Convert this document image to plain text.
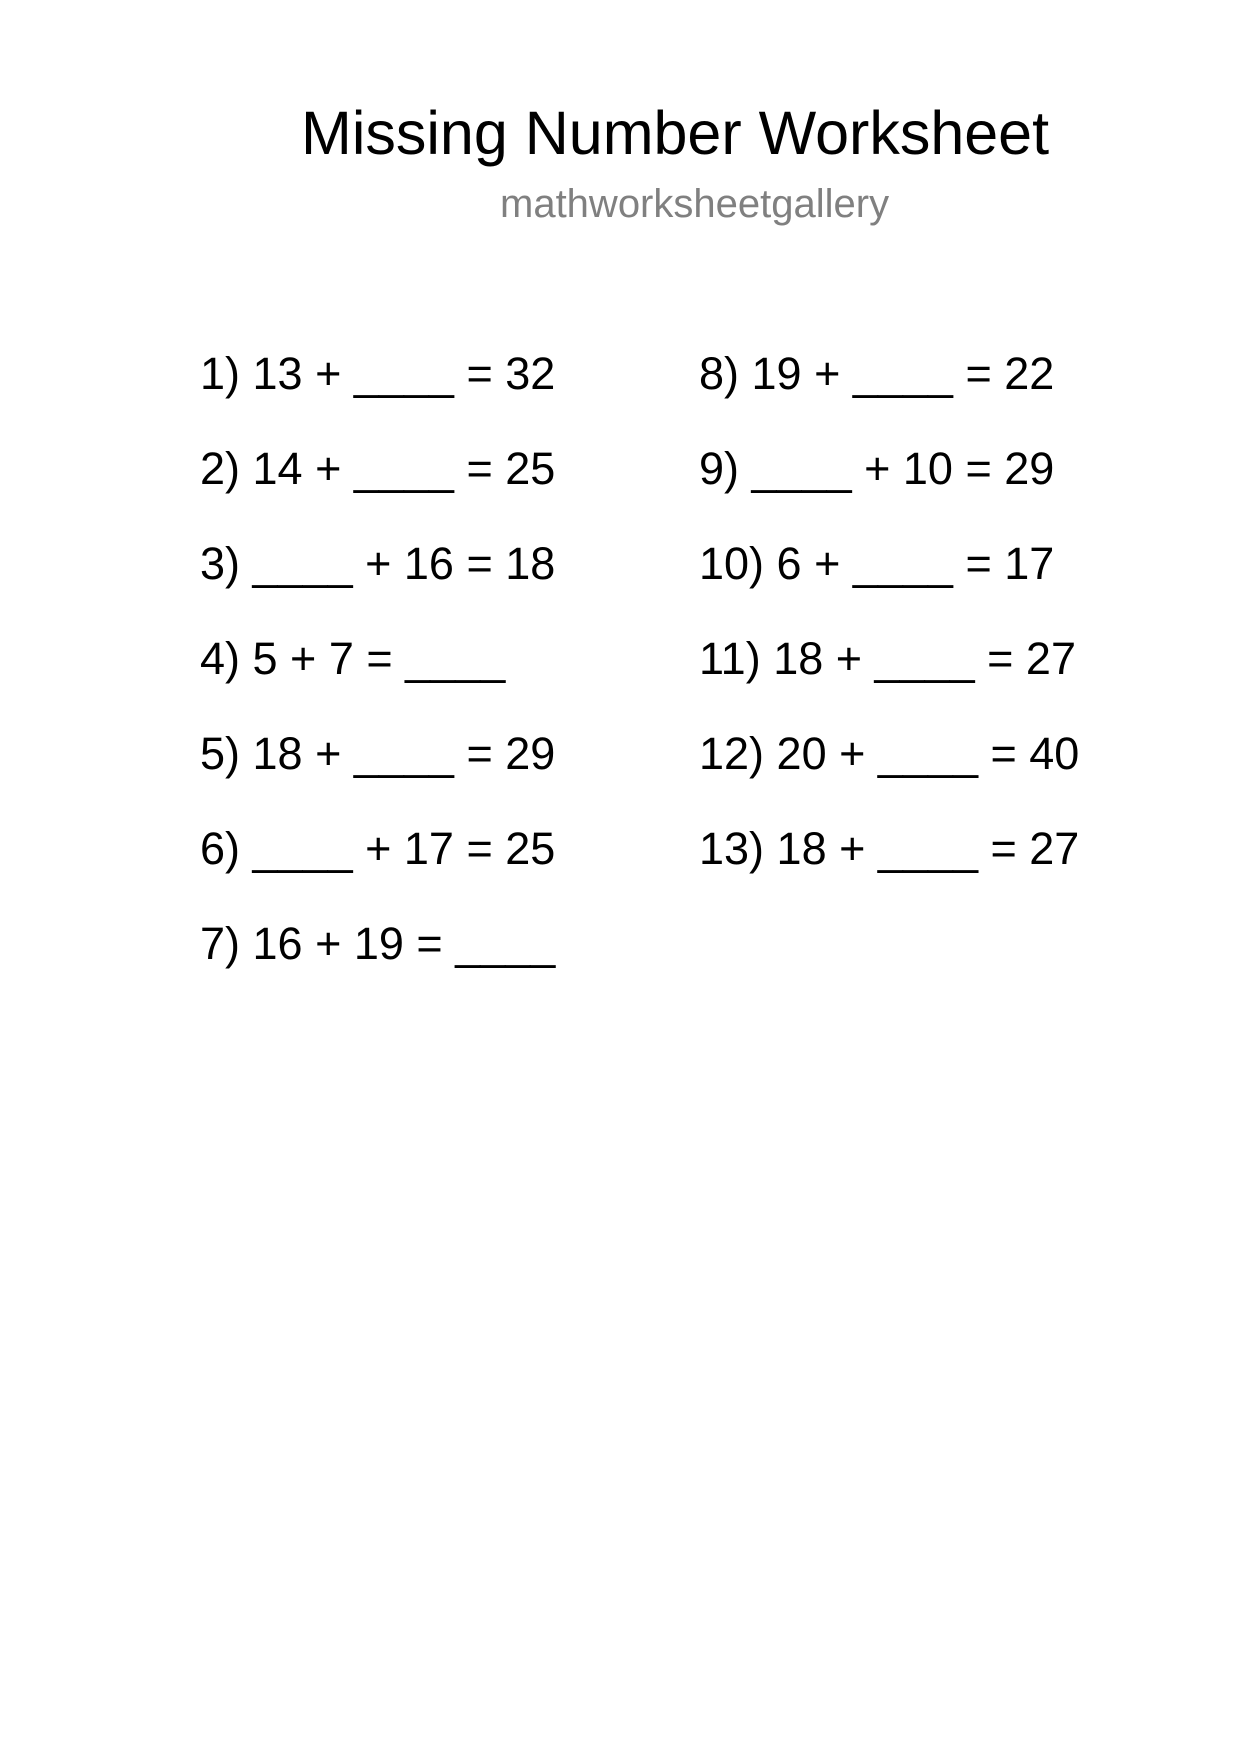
Missing Number Worksheet
mathworksheetgallery
1) 13 + ____ = 32
2) 14 + ____ = 25
3) ____ + 16 = 18
4) 5 + 7 = ____
5) 18 + ____ = 29
6) ____ + 17 = 25
7) 16 + 19 = ____
8) 19 + ____ = 22
9) ____ + 10 = 29
10) 6 + ____ = 17
11) 18 + ____ = 27
12) 20 + ____ = 40
13) 18 + ____ = 27
